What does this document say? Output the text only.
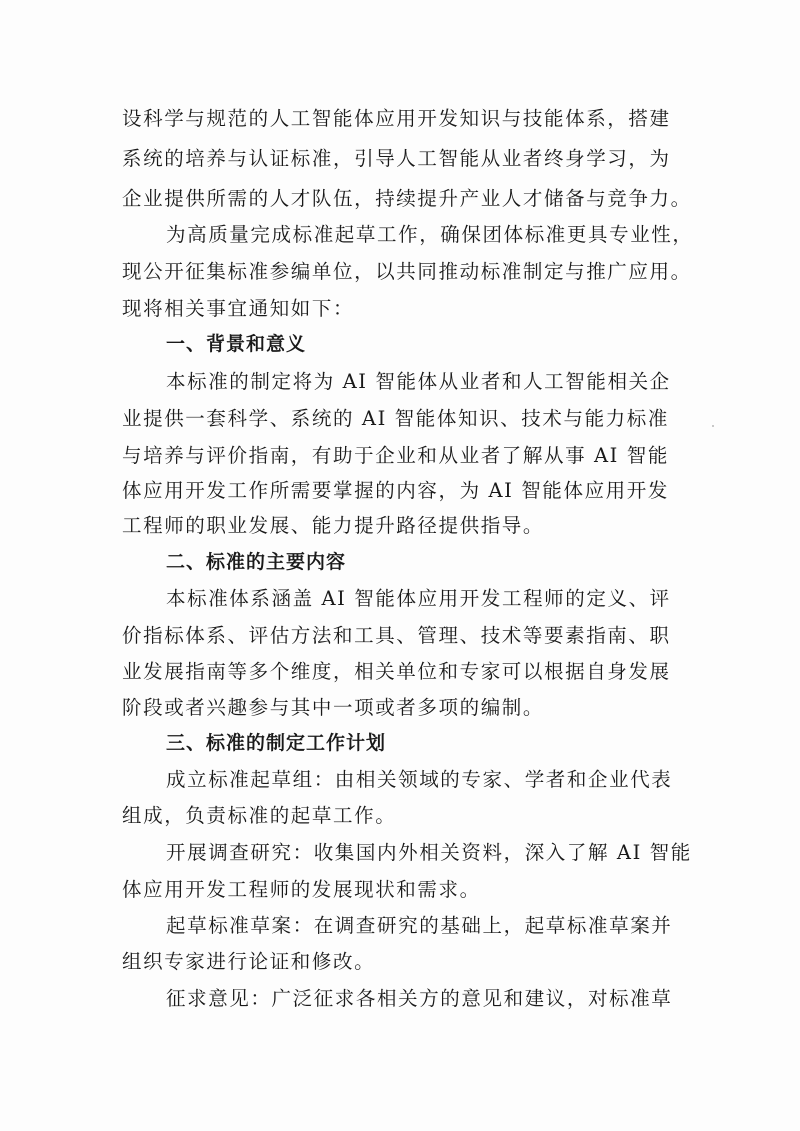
设科学与规范的人工智能体应用开发知识与技能体系，搭建
系统的培养与认证标准，引导人工智能从业者终身学习，为
企业提供所需的人才队伍，持续提升产业人才储备与竞争力。
为高质量完成标准起草工作，确保团体标准更具专业性，
现公开征集标准参编单位，以共同推动标准制定与推广应用。
现将相关事宜通知如下：
一、背景和意义
本标准的制定将为 AI 智能体从业者和人工智能相关企
业提供一套科学、系统的 AI 智能体知识、技术与能力标准
与培养与评价指南，有助于企业和从业者了解从事 AI 智能
体应用开发工作所需要掌握的内容，为 AI 智能体应用开发
工程师的职业发展、能力提升路径提供指导。
二、标准的主要内容
本标准体系涵盖 AI 智能体应用开发工程师的定义、评
价指标体系、评估方法和工具、管理、技术等要素指南、职
业发展指南等多个维度，相关单位和专家可以根据自身发展
阶段或者兴趣参与其中一项或者多项的编制。
三、标准的制定工作计划
成立标准起草组：由相关领域的专家、学者和企业代表
组成，负责标准的起草工作。
开展调查研究：收集国内外相关资料，深入了解 AI 智能
体应用开发工程师的发展现状和需求。
起草标准草案：在调查研究的基础上，起草标准草案并
组织专家进行论证和修改。
征求意见：广泛征求各相关方的意见和建议，对标准草
